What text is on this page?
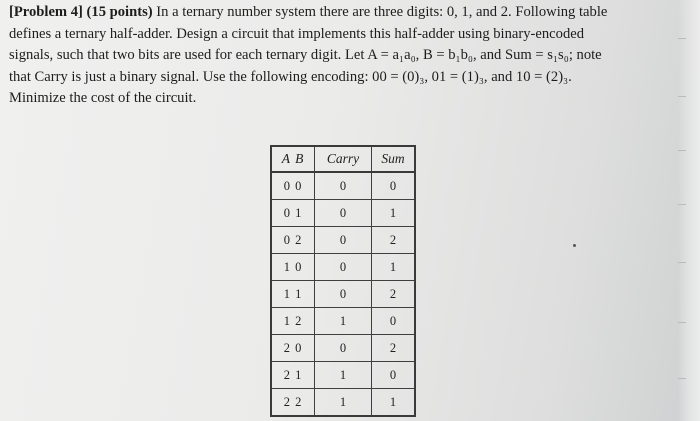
[Problem 4] (15 points) In a ternary number system there are three digits: 0, 1, and 2. Following table
defines a ternary half-adder. Design a circuit that implements this half-adder using binary-encoded
signals, such that two bits are used for each ternary digit. Let A = a₁a₀, B = b₁b₀, and Sum = s₁s₀; note
that Carry is just a binary signal. Use the following encoding: 00 = (0)₃, 01 = (1)₃, and 10 = (2)₃.
Minimize the cost of the circuit.

A B	Carry	Sum
0 0	0	0
0 1	0	1
0 2	0	2
1 0	0	1
1 1	0	2
1 2	1	0
2 0	0	2
2 1	1	0
2 2	1	1
